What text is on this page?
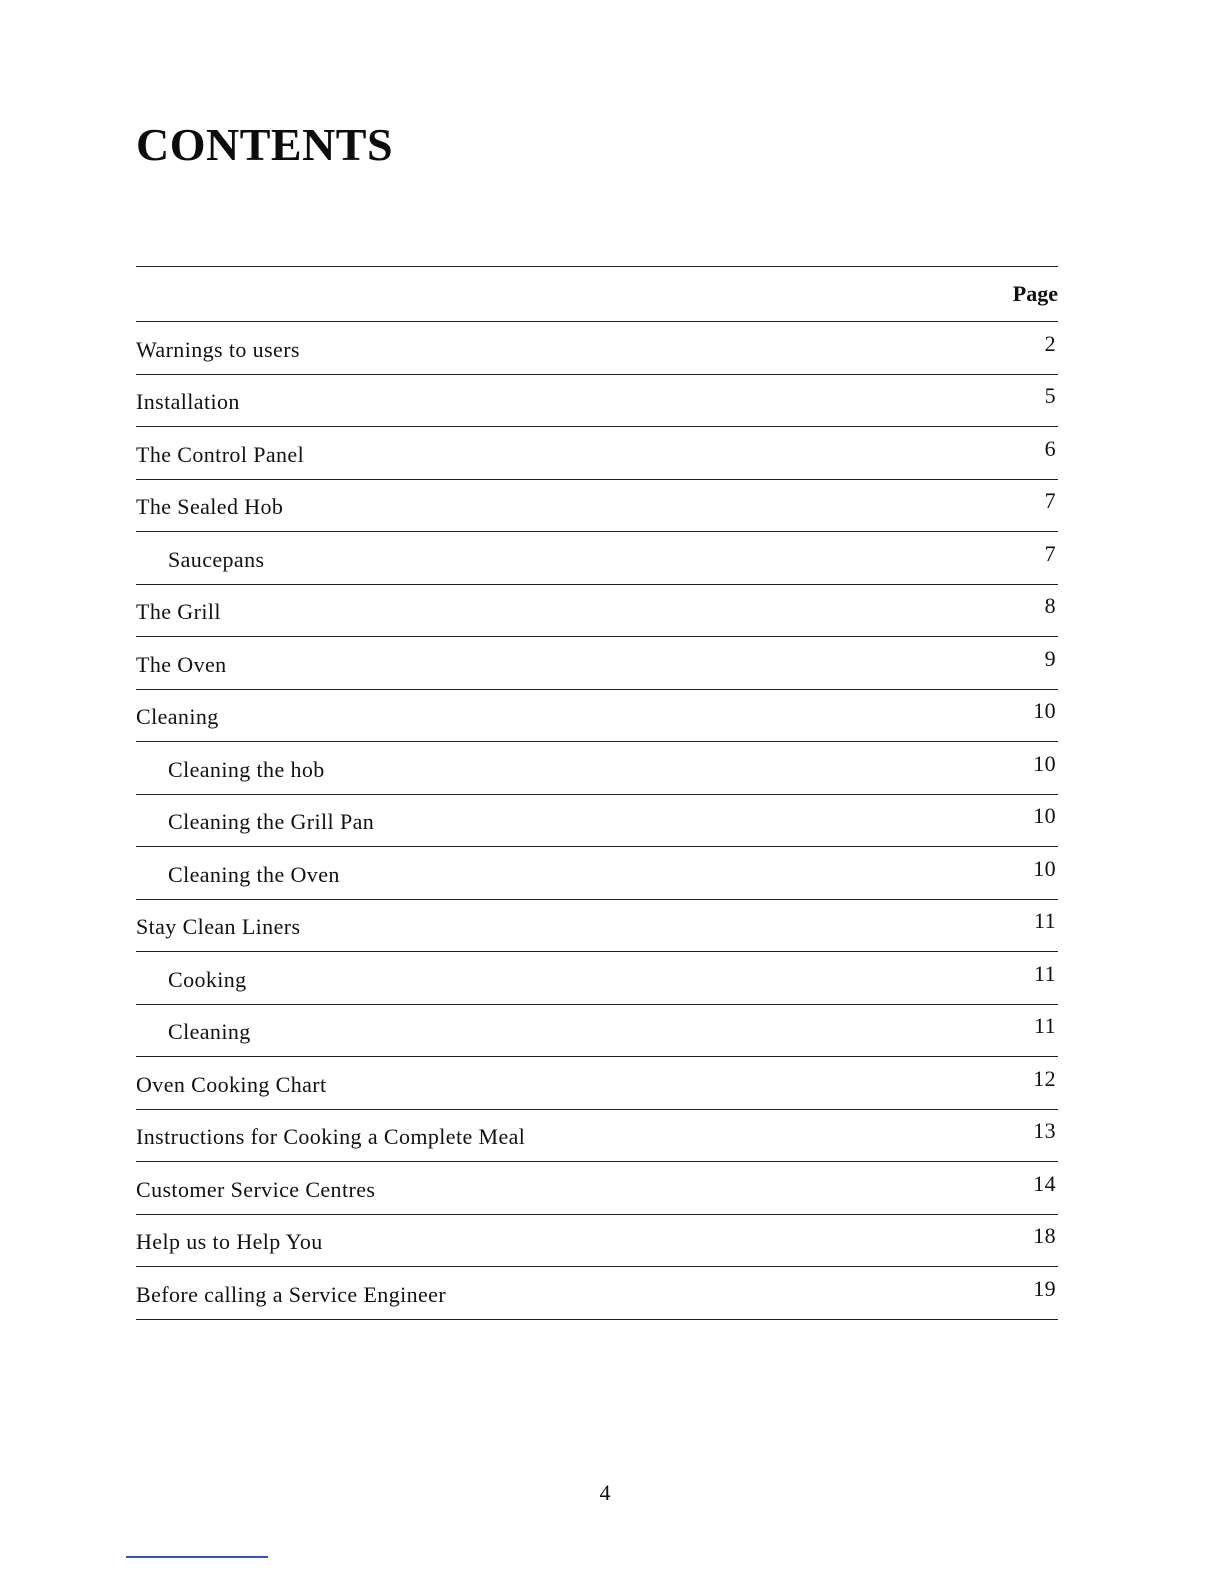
CONTENTS
Page
Warnings to users	2
Installation	5
The Control Panel	6
The Sealed Hob	7
Saucepans	7
The Grill	8
The Oven	9
Cleaning	10
Cleaning the hob	10
Cleaning the Grill Pan	10
Cleaning the Oven	10
Stay Clean Liners	11
Cooking	11
Cleaning	11
Oven Cooking Chart	12
Instructions for Cooking a Complete Meal	13
Customer Service Centres	14
Help us to Help You	18
Before calling a Service Engineer	19
4
